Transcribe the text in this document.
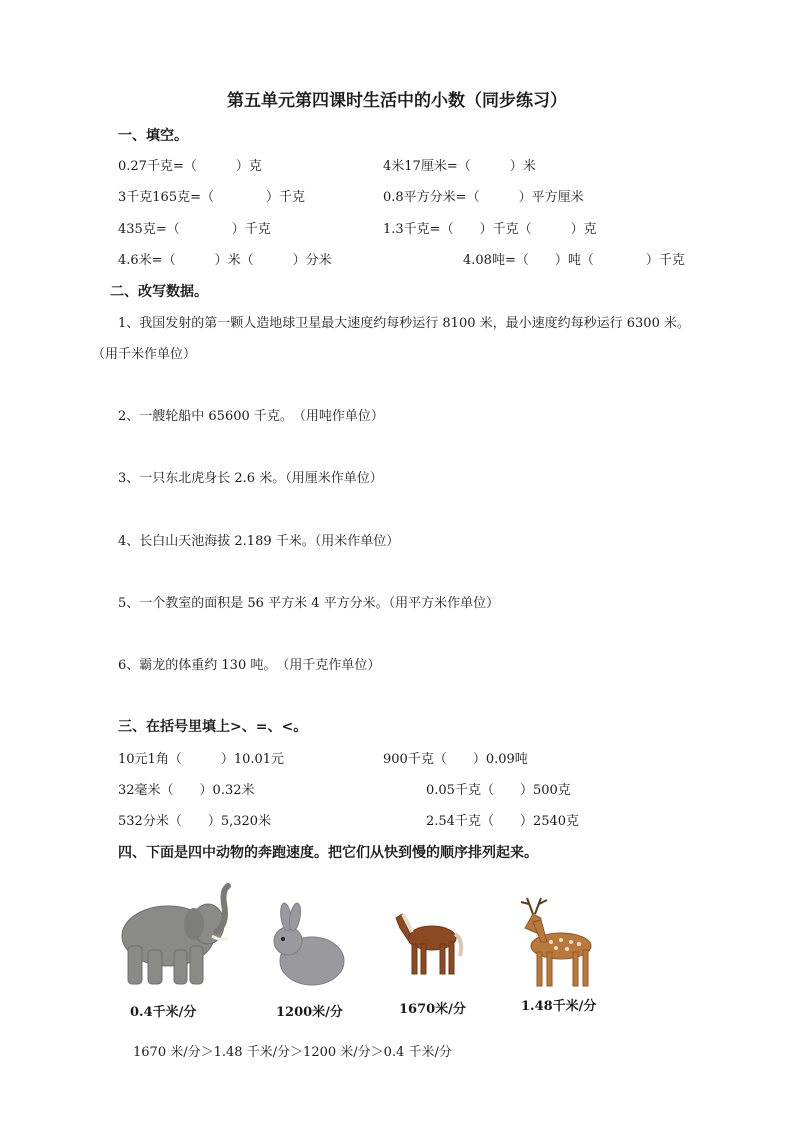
第五单元第四课时生活中的小数（同步练习）
一、填空。
0.27千克=（　　　）克	4米17厘米=（　　　）米
3千克165克=（　　　　）千克	0.8平方分米=（　　　）平方厘米
435克=（　　　　）千克	1.3千克=（　　）千克（　　　）克
4.6米=（　　　）米（　　　）分米	4.08吨=（　　）吨（　　　　）千克
二、改写数据。
1、我国发射的第一颗人造地球卫星最大速度约每秒运行 8100 米，最小速度约每秒运行 6300 米。
（用千米作单位）
2、一艘轮船中 65600 千克。　（用吨作单位）
3、一只东北虎身长 2.6 米。（用厘米作单位）
4、长白山天池海拔 2.189 千米。（用米作单位）
5、一个教室的面积是 56 平方米 4 平方分米。（用平方米作单位）
6、霸龙的体重约 130 吨。　（用千克作单位）
三、在括号里填上>、=、<。
10元1角（　　　）10.01元	900千克（　　）0.09吨
32毫米（　　）0.32米	0.05千克（　　）500克
532分米（　　）5,320米	2.54千克（　　）2540克
四、下面是四中动物的奔跑速度。把它们从快到慢的顺序排列起来。
0.4千米/分	1200米/分	1670米/分	1.48千米/分
1670 米/分＞1.48 千米/分＞1200 米/分＞0.4 千米/分
